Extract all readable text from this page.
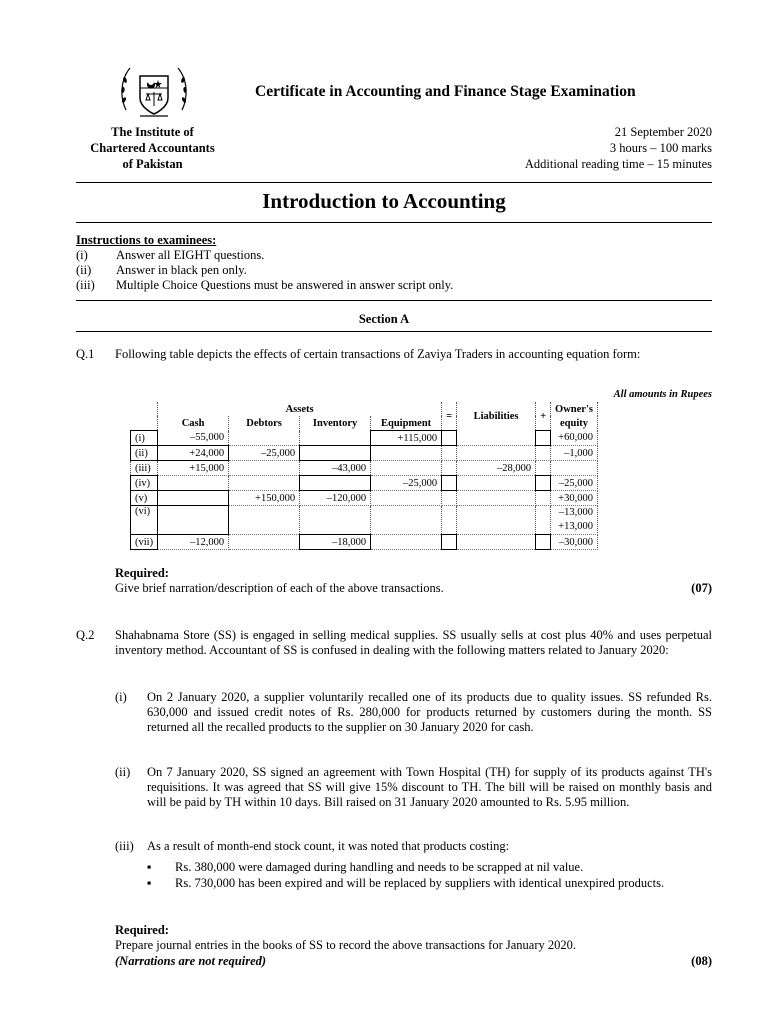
Certificate in Accounting and Finance Stage Examination
The Institute of
Chartered Accountants
of Pakistan
21 September 2020
3 hours – 100 marks
Additional reading time – 15 minutes
Introduction to Accounting
Instructions to examinees:
(i) Answer all EIGHT questions.
(ii) Answer in black pen only.
(iii) Multiple Choice Questions must be answered in answer script only.
Section A
Q.1 Following table depicts the effects of certain transactions of Zaviya Traders in accounting equation form:
All amounts in Rupees
	Assets				=	Liabilities	+	Owner's
	Cash	Debtors	Inventory	Equipment				equity
(i)	–55,000			+115,000				+60,000
(ii)	+24,000	–25,000						–1,000
(iii)	+15,000		–43,000			–28,000		
(iv)				–25,000				–25,000
(v)		+150,000	–120,000					+30,000
(vi)								–13,000
+13,000

(vii)	–12,000		–18,000					–30,000
Required:
Give brief narration/description of each of the above transactions.	(07)
Q.2 Shahabnama Store (SS) is engaged in selling medical supplies. SS usually sells at cost plus 40% and uses perpetual inventory method. Accountant of SS is confused in dealing with the following matters related to January 2020:
(i) On 2 January 2020, a supplier voluntarily recalled one of its products due to quality issues. SS refunded Rs. 630,000 and issued credit notes of Rs. 280,000 for products returned by customers during the month. SS returned all the recalled products to the supplier on 30 January 2020 for cash.
(ii) On 7 January 2020, SS signed an agreement with Town Hospital (TH) for supply of its products against TH's requisitions. It was agreed that SS will give 15% discount to TH. The bill will be raised on monthly basis and will be paid by TH within 10 days. Bill raised on 31 January 2020 amounted to Rs. 5.95 million.
(iii) As a result of month-end stock count, it was noted that products costing:
▪ Rs. 380,000 were damaged during handling and needs to be scrapped at nil value.
▪ Rs. 730,000 has been expired and will be replaced by suppliers with identical unexpired products.
Required:
Prepare journal entries in the books of SS to record the above transactions for January 2020.
(Narrations are not required)	(08)
